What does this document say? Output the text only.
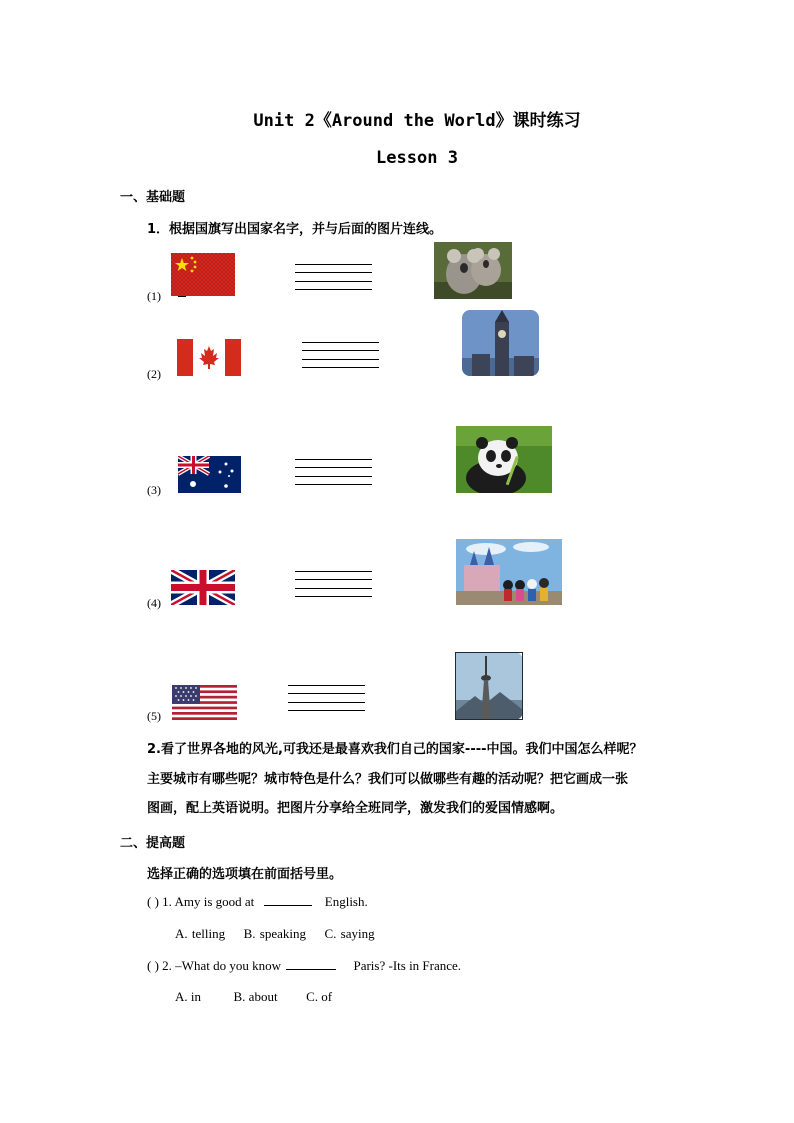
Unit 2《Around the World》课时练习
Lesson 3
一、基础题
1．根据国旗写出国家名字，并与后面的图片连线。
(1)
(2)
(3)
(4)
(5)
2.看了世界各地的风光,可我还是最喜欢我们自己的国家----中国。我们中国怎么样呢？
主要城市有哪些呢？城市特色是什么？我们可以做哪些有趣的活动呢？把它画成一张
图画，配上英语说明。把图片分享给全班同学，激发我们的爱国情感啊。
二、提高题
选择正确的选项填在前面括号里。
( ) 1. Amy is good at	English.
A. telling B. speaking C. saying
( ) 2. –What do you know	Paris? -Its in France.
A. in	B. about C. of
